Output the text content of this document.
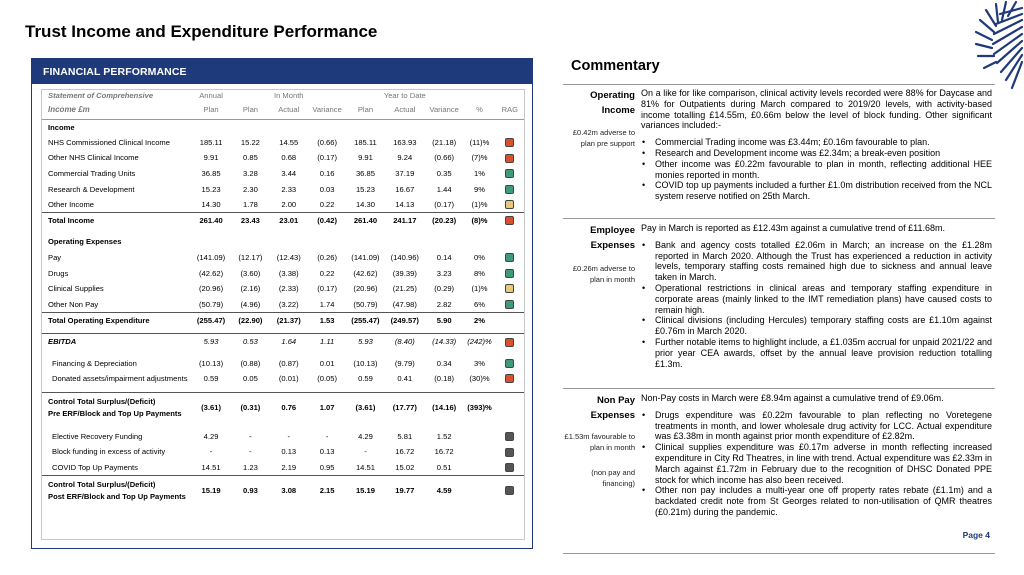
Trust Income and Expenditure Performance
FINANCIAL PERFORMANCE
Statement of Comprehensive	Annual	In Month			Year to Date				
Income £m	Plan	Plan	Actual	Variance	Plan	Actual	Variance	%	RAG
Income									
NHS Commissioned Clinical Income	185.11	15.22	14.55	(0.66)	185.11	163.93	(21.18)	(11)%	
Other NHS Clinical Income	9.91	0.85	0.68	(0.17)	9.91	9.24	(0.66)	(7)%	
Commercial Trading Units	36.85	3.28	3.44	0.16	36.85	37.19	0.35	1%	
Research & Development	15.23	2.30	2.33	0.03	15.23	16.67	1.44	9%	
Other Income	14.30	1.78	2.00	0.22	14.30	14.13	(0.17)	(1)%	
Total Income	261.40	23.43	23.01	(0.42)	261.40	241.17	(20.23)	(8)%	

Operating Expenses									
Pay	(141.09)	(12.17)	(12.43)	(0.26)	(141.09)	(140.96)	0.14	0%	
Drugs	(42.62)	(3.60)	(3.38)	0.22	(42.62)	(39.39)	3.23	8%	
Clinical Supplies	(20.96)	(2.16)	(2.33)	(0.17)	(20.96)	(21.25)	(0.29)	(1)%	
Other Non Pay	(50.79)	(4.96)	(3.22)	1.74	(50.79)	(47.98)	2.82	6%	
Total Operating Expenditure	(255.47)	(22.90)	(21.37)	1.53	(255.47)	(249.57)	5.90	2%	

EBITDA	5.93	0.53	1.64	1.11	5.93	(8.40)	(14.33)	(242)%	

Financing & Depreciation	(10.13)	(0.88)	(0.87)	0.01	(10.13)	(9.79)	0.34	3%	
Donated assets/impairment adjustments	0.59	0.05	(0.01)	(0.05)	0.59	0.41	(0.18)	(30)%	

Control Total Surplus/(Deficit)
Pre ERF/Block and Top Up Payments	(3.61)	(0.31)	0.76	1.07	(3.61)	(17.77)	(14.16)	(393)%	

Elective Recovery Funding	4.29	-	-	-	4.29	5.81	1.52		
Block funding in excess of activity	-	-	0.13	0.13	-	16.72	16.72		
COVID Top Up Payments	14.51	1.23	2.19	0.95	14.51	15.02	0.51		

Control Total Surplus/(Deficit)
Post ERF/Block and Top Up Payments	15.19	0.93	3.08	2.15	15.19	19.77	4.59		
Commentary
Operating Income
£0.42m adverse to plan pre support

On a like for like comparison, clinical activity levels recorded were 88% for Daycase and 81% for Outpatients during March compared to 2019/20 levels, with activity-based income totalling £14.55m, £0.66m below the level of block funding. Other significant variances included:-

• Commercial Trading income was £3.44m; £0.16m favourable to plan.
• Research and Development income was £2.34m; a break-even position
• Other income was £0.22m favourable to plan in month, reflecting additional HEE monies reported in month.
• COVID top up payments included a further £1.0m distribution received from the NCL system reserve notified on 25th March.
Employee Expenses
£0.26m adverse to plan in month

Pay in March is reported as £12.43m against a cumulative trend of £11.68m.

• Bank and agency costs totalled £2.06m in March; an increase on the £1.28m reported in March 2020. Although the Trust has experienced a reduction in activity levels, temporary staffing costs remained high due to sickness and annual leave taken in March.
• Operational restrictions in clinical areas and temporary staffing expenditure in corporate areas (mainly linked to the IMT remediation plans) have caused costs to remain high.
• Clinical divisions (including Hercules) temporary staffing costs are £1.10m against £0.76m in March 2020.
• Further notable items to highlight include, a £1.035m accrual for unpaid 2021/22 and prior year CEA awards, offset by the annual leave provision reduction totalling £1.3m.
Non Pay Expenses
£1.53m favourable to plan in month
(non pay and financing)

Non-Pay costs in March were £8.94m against a cumulative trend of £9.06m.

• Drugs expenditure was £0.22m favourable to plan reflecting no Voretegene treatments in month, and lower wholesale drug activity for LCC. Actual expenditure was £3.38m in month against prior month expenditure of £2.82m.
• Clinical supplies expenditure was £0.17m adverse in month reflecting increased expenditure in City Rd Theatres, in line with trend. Actual expenditure was £2.33m in March against £1.72m in February due to the recognition of DHSC Donated PPE stock for which income has also been received.
• Other non pay includes a multi-year one off property rates rebate (£1.1m) and a backdated credit note from St Georges related to non-utilisation of QMR theatres (£0.21m) during the pandemic.
Page 4
